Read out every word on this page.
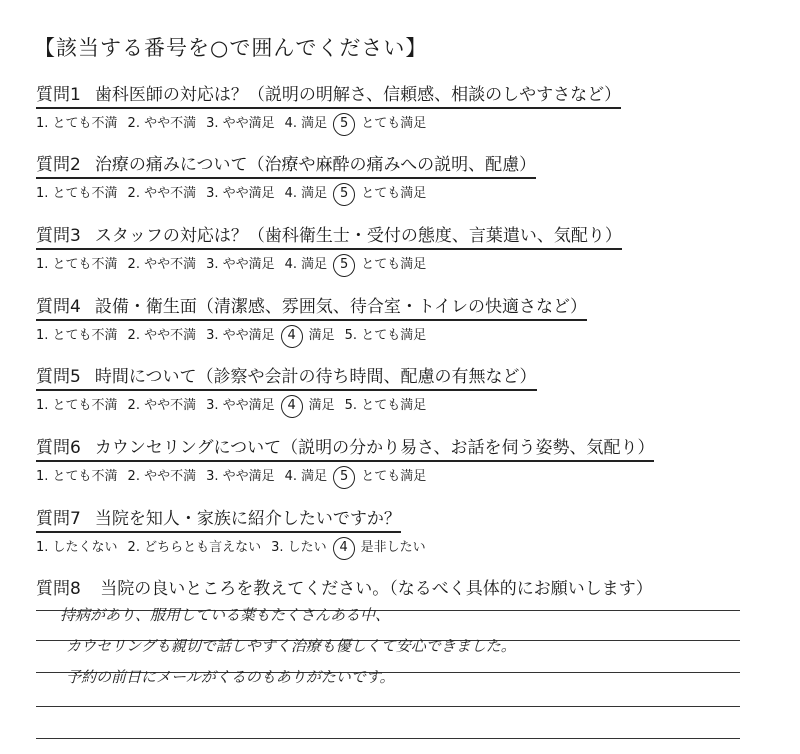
【該当する番号を○で囲んでください】
質問1 歯科医師の対応は？（説明の明解さ、信頼感、相談のしやすさなど）
1. とても不満 2. やや不満 3. やや満足 4. 満足 5 とても満足
質問2 治療の痛みについて（治療や麻酔の痛みへの説明、配慮）
1. とても不満 2. やや不満 3. やや満足 4. 満足 5 とても満足
質問3 スタッフの対応は？（歯科衛生士・受付の態度、言葉遣い、気配り）
1. とても不満 2. やや不満 3. やや満足 4. 満足 5 とても満足
質問4 設備・衛生面（清潔感、雰囲気、待合室・トイレの快適さなど）
1. とても不満 2. やや不満 3. やや満足 4 満足 5. とても満足
質問5 時間について（診察や会計の待ち時間、配慮の有無など）
1. とても不満 2. やや不満 3. やや満足 4 満足 5. とても満足
質問6 カウンセリングについて（説明の分かり易さ、お話を伺う姿勢、気配り）
1. とても不満 2. やや不満 3. やや満足 4. 満足 5 とても満足
質問7 当院を知人・家族に紹介したいですか？
1. したくない 2. どちらとも言えない 3. したい 4 是非したい
質問8 当院の良いところを教えてください。（なるべく具体的にお願いします）
持病があり、服用している薬もたくさんある中、
カウセリングも親切で話しやすく治療も優しくて安心できました。
予約の前日にメールがくるのもありがたいです。
